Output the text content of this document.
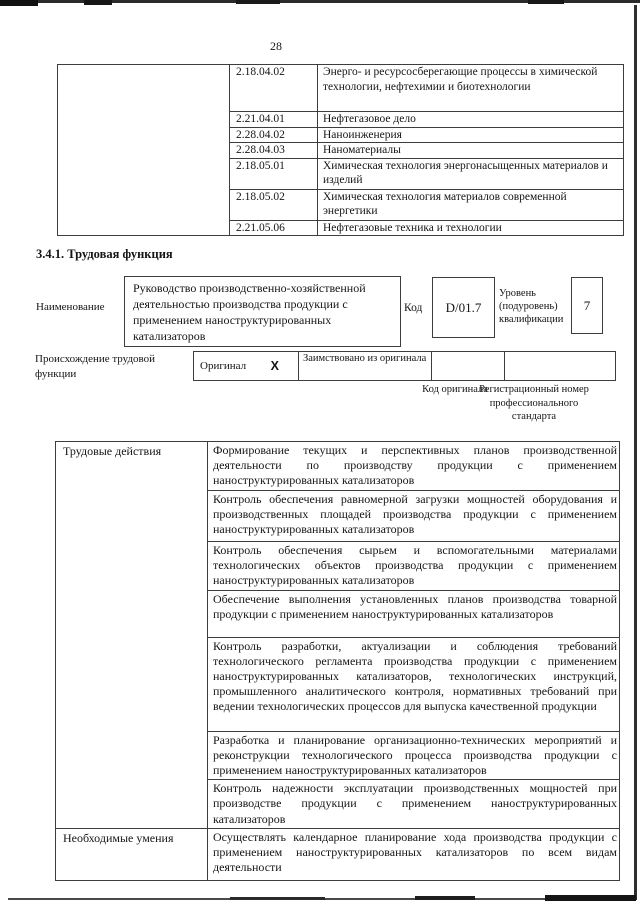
28
	2.18.04.02	Энерго- и ресурсосберегающие процессы в химической технологии, нефтехимии и биотехнологии
	2.21.04.01	Нефтегазовое дело
	2.28.04.02	Наноинженерия
	2.28.04.03	Наноматериалы
	2.18.05.01	Химическая технология энергонасыщенных материалов и изделий
	2.18.05.02	Химическая технология материалов современной энергетики
	2.21.05.06	Нефтегазовые техника и технологии
3.4.1. Трудовая функция
Наименование
Руководство производственно-хозяйственной деятельностью производства продукции с применением наноструктурированных катализаторов
Код	D/01.7
Уровень (подуровень) квалификации
7
Происхождение трудовой функции
Оригинал X
	Заимствовано из оригинала		
Код оригинала
Регистрационный номер профессионального стандарта
Трудовые действия	Формирование текущих и перспективных планов производственной деятельности по производству продукции с применением наноструктурированных катализаторов
	Контроль обеспечения равномерной загрузки мощностей оборудования и производственных площадей производства продукции с применением наноструктурированных катализаторов
	Контроль обеспечения сырьем и вспомогательными материалами технологических объектов производства продукции с применением наноструктурированных катализаторов
	Обеспечение выполнения установленных планов производства товарной продукции с применением наноструктурированных катализаторов
	Контроль разработки, актуализации и соблюдения требований технологического регламента производства продукции с применением наноструктурированных катализаторов, технологических инструкций, промышленного аналитического контроля, нормативных требований при ведении технологических процессов для выпуска качественной продукции
	Разработка и планирование организационно-технических мероприятий и реконструкции технологического процесса производства продукции с применением наноструктурированных катализаторов
	Контроль надежности эксплуатации производственных мощностей при производстве продукции с применением наноструктурированных катализаторов
Необходимые умения	Осуществлять календарное планирование хода производства продукции с применением наноструктурированных катализаторов по всем видам деятельности
